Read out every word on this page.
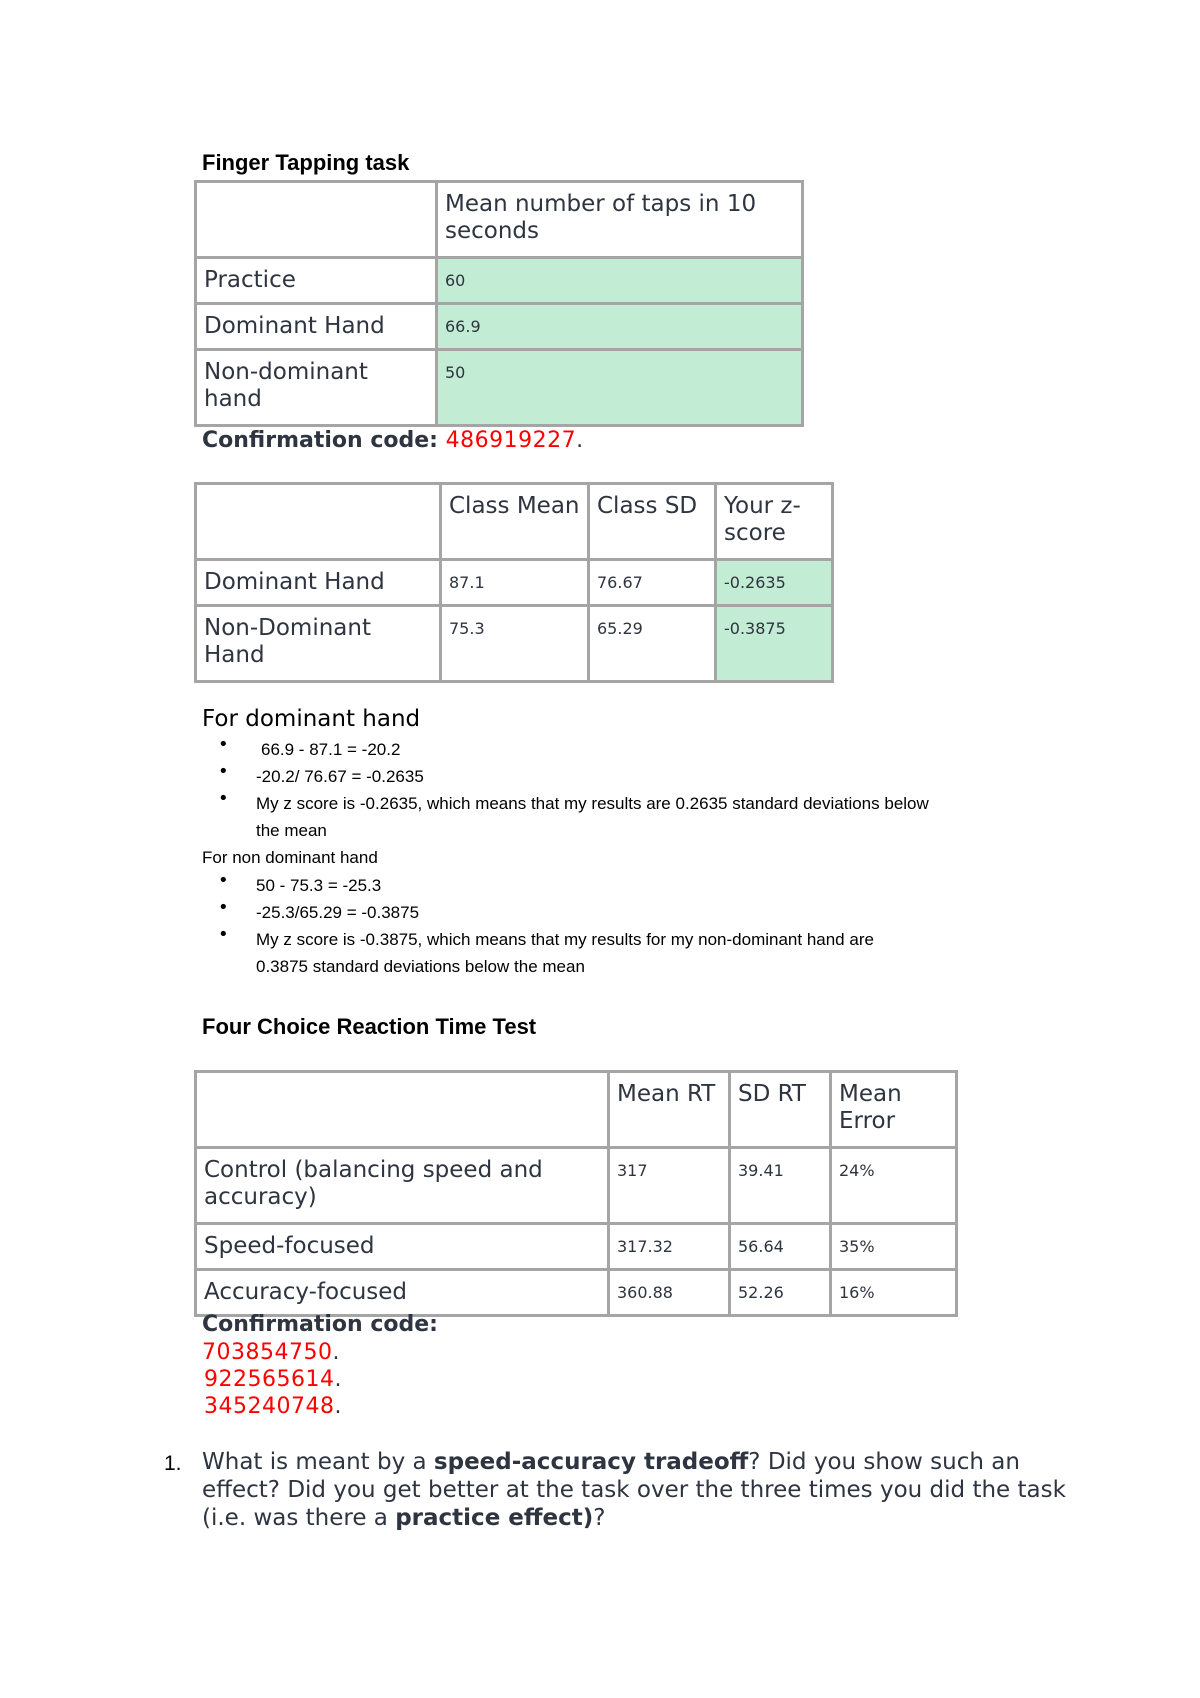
Finger Tapping task
	Mean number of taps in 10 seconds
Practice	60
Dominant Hand	66.9
Non-dominant hand	50
Confirmation code: 486919227.
	Class Mean	Class SD	Your z-score
Dominant Hand	87.1	76.67	-0.2635
Non-Dominant Hand	75.3	65.29	-0.3875
For dominant hand
• 66.9 - 87.1 = -20.2
• -20.2/ 76.67 = -0.2635
• My z score is -0.2635, which means that my results are 0.2635 standard deviations below
the mean
For non dominant hand
• 50 - 75.3 = -25.3
• -25.3/65.29 = -0.3875
• My z score is -0.3875, which means that my results for my non-dominant hand are
0.3875 standard deviations below the mean
Four Choice Reaction Time Test
	Mean RT	SD RT	Mean Error
Control (balancing speed and accuracy)	317	39.41	24%
Speed-focused	317.32	56.64	35%
Accuracy-focused	360.88	52.26	16%
Confirmation code:
703854750.
922565614.
345240748.
1. What is meant by a speed-accuracy tradeoff? Did you show such an effect? Did you get better at the task over the three times you did the task (i.e. was there a practice effect)?
